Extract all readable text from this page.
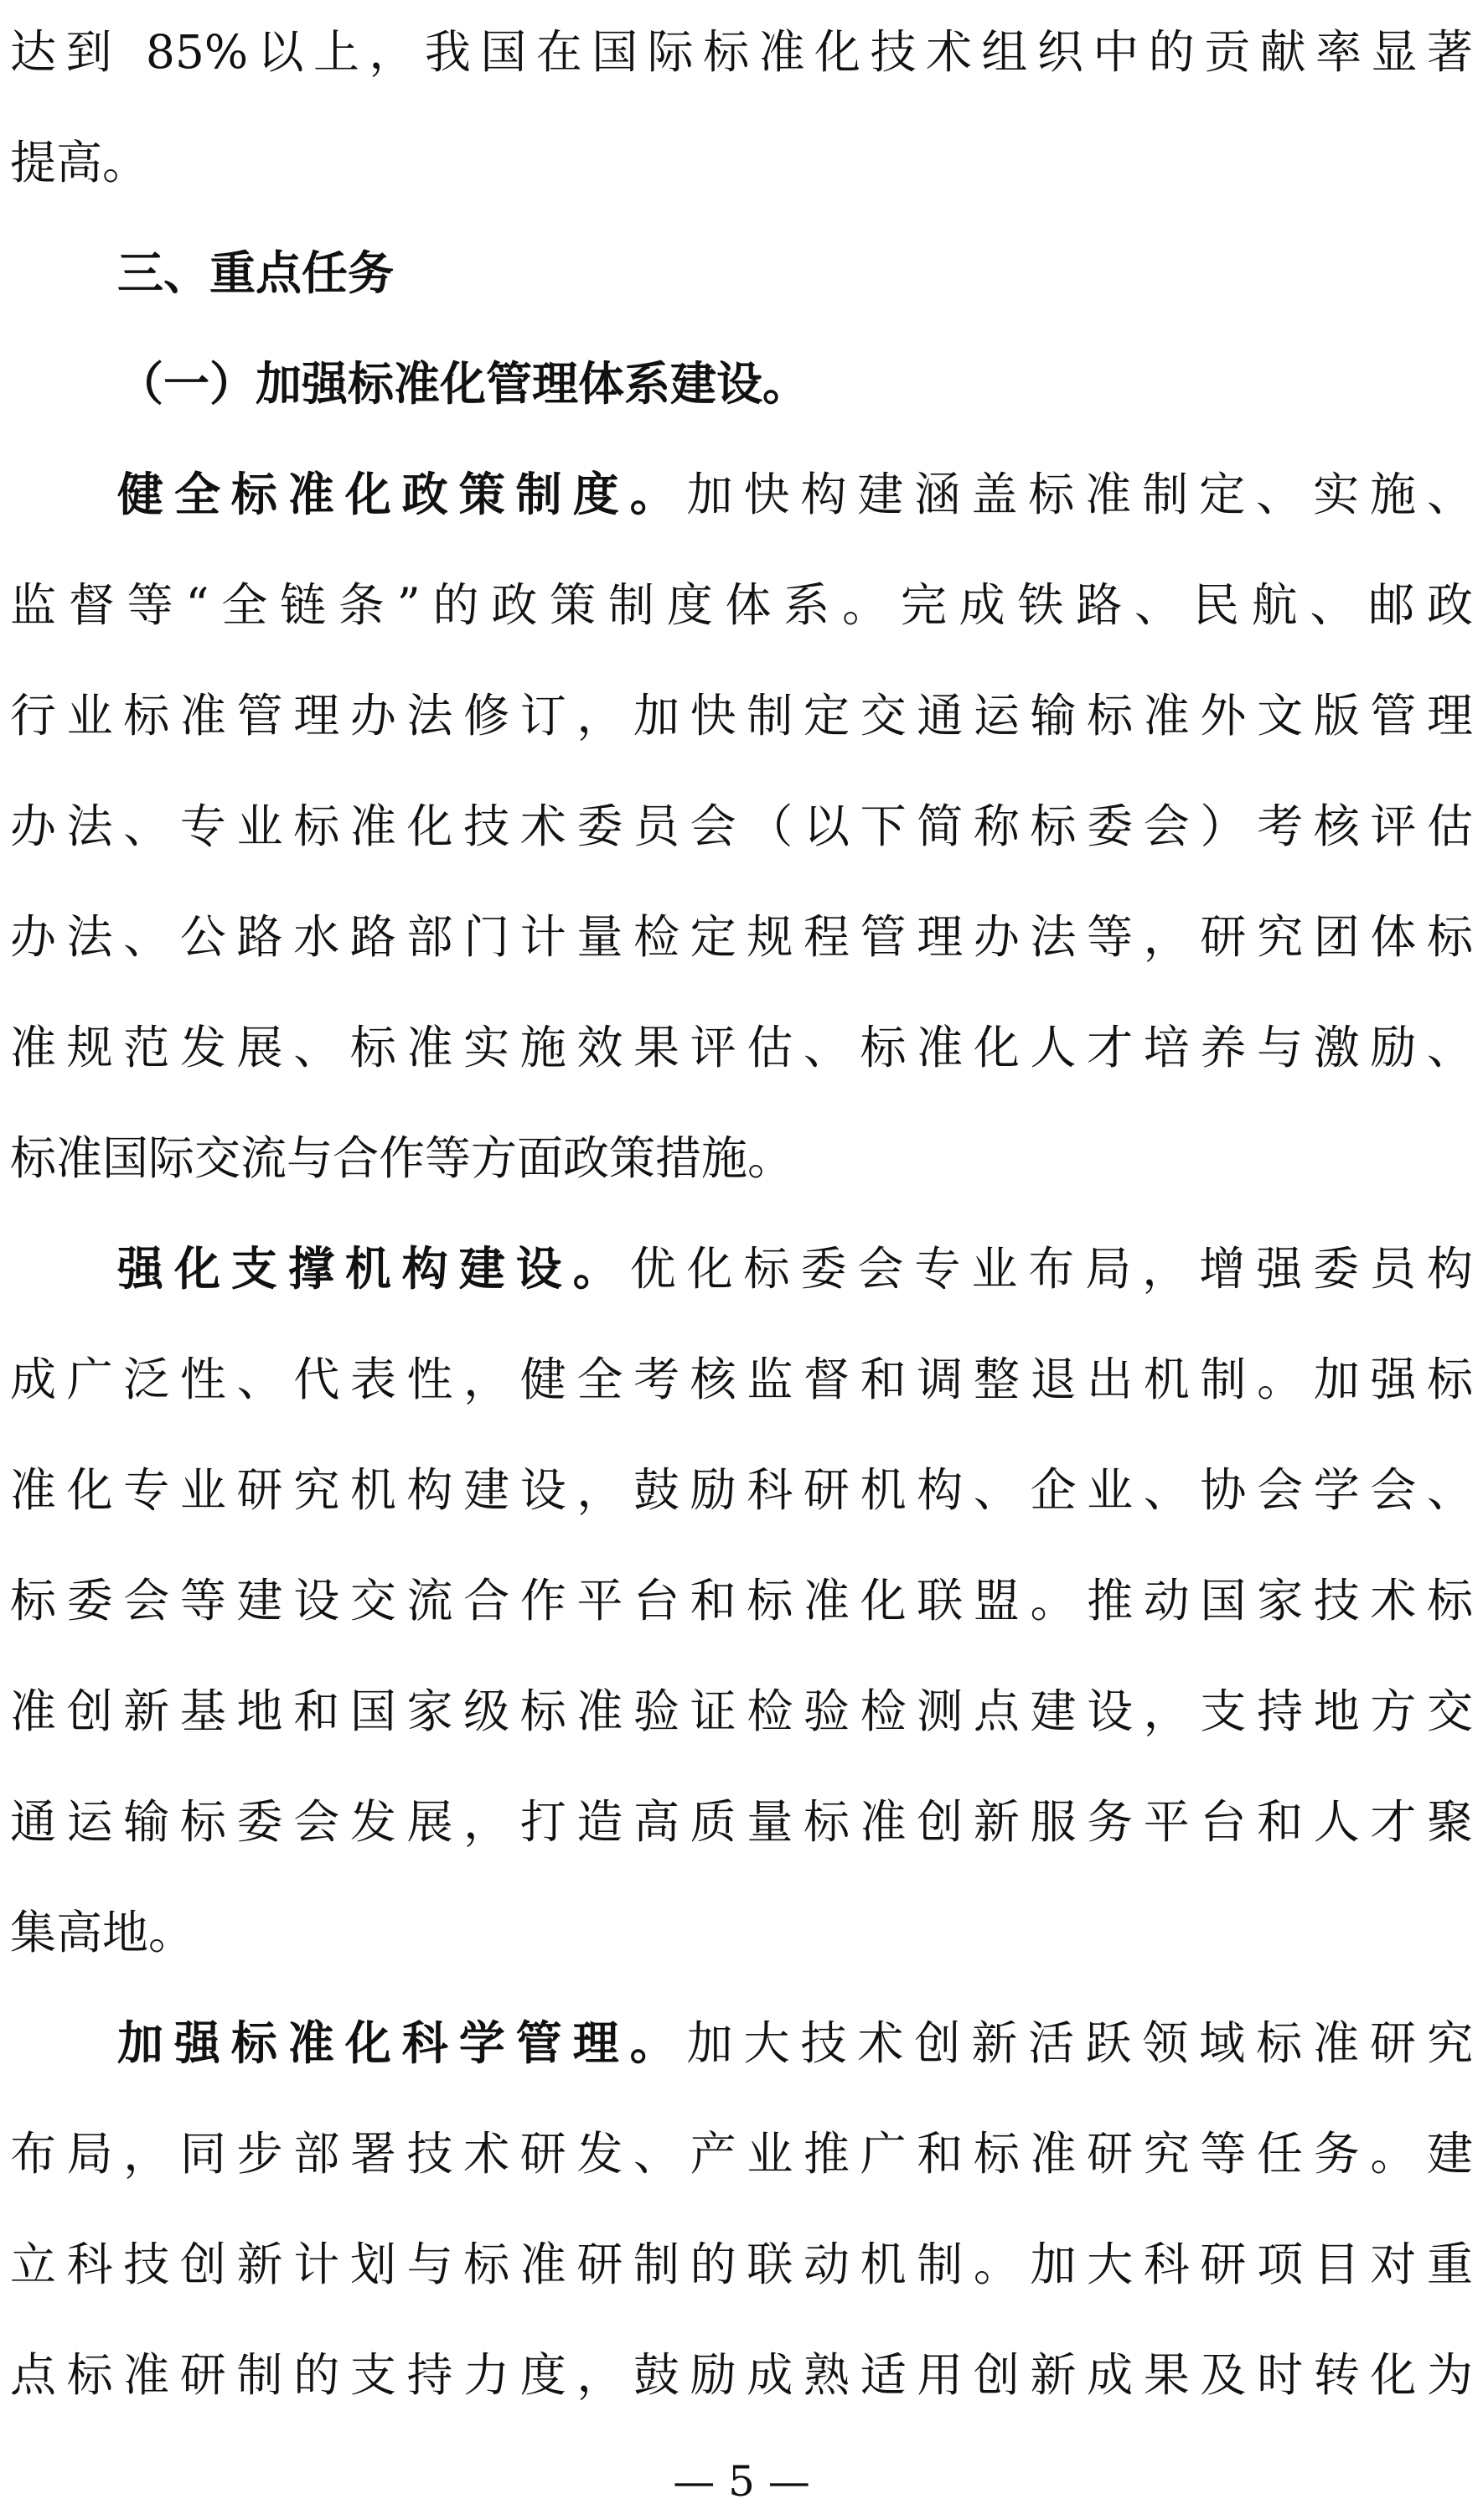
达到 85%以上，我国在国际标准化技术组织中的贡献率显著
提高。
三、重点任务
（一）加强标准化管理体系建设。
健全标准化政策制度。加快构建涵盖标准制定、实施、
监督等“全链条”的政策制度体系。完成铁路、民航、邮政
行业标准管理办法修订，加快制定交通运输标准外文版管理
办法、专业标准化技术委员会（以下简称标委会）考核评估
办法、公路水路部门计量检定规程管理办法等，研究团体标
准规范发展、标准实施效果评估、标准化人才培养与激励、
标准国际交流与合作等方面政策措施。
强化支撑机构建设。优化标委会专业布局，增强委员构
成广泛性、代表性，健全考核监督和调整退出机制。加强标
准化专业研究机构建设，鼓励科研机构、企业、协会学会、
标委会等建设交流合作平台和标准化联盟。推动国家技术标
准创新基地和国家级标准验证检验检测点建设，支持地方交
通运输标委会发展，打造高质量标准创新服务平台和人才聚
集高地。
加强标准化科学管理。加大技术创新活跃领域标准研究
布局，同步部署技术研发、产业推广和标准研究等任务。建
立科技创新计划与标准研制的联动机制。加大科研项目对重
点标准研制的支持力度，鼓励成熟适用创新成果及时转化为
— 5 —
